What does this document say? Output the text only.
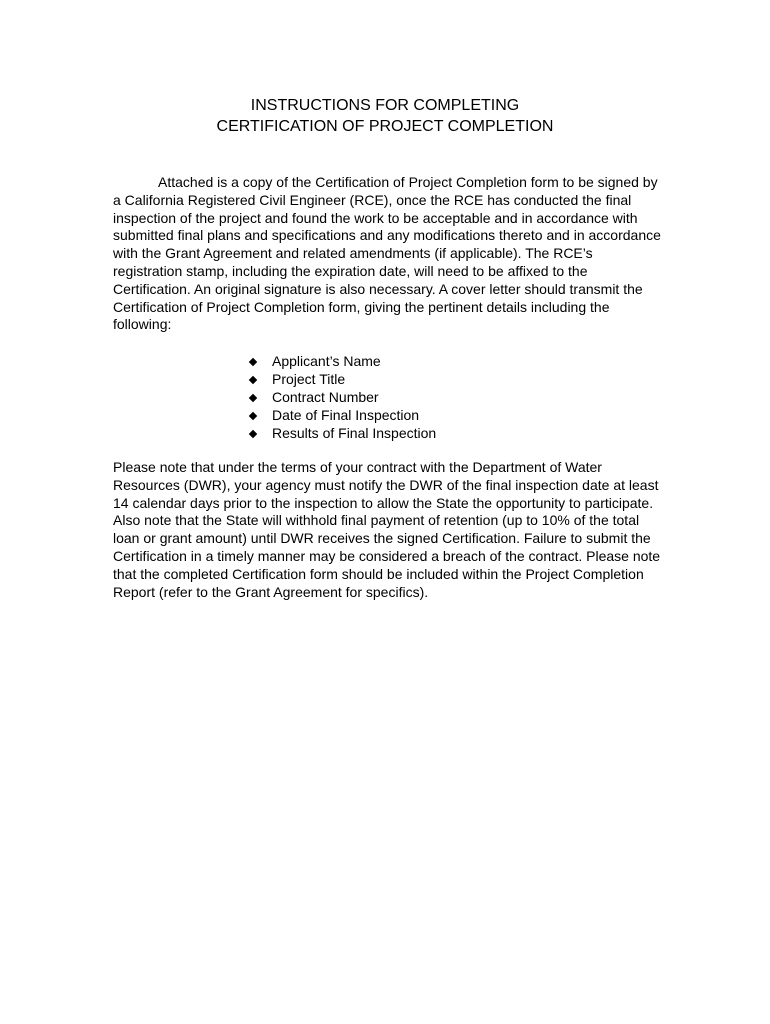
INSTRUCTIONS FOR COMPLETING
CERTIFICATION OF PROJECT COMPLETION

Attached is a copy of the Certification of Project Completion form to be signed by a California Registered Civil Engineer (RCE), once the RCE has conducted the final inspection of the project and found the work to be acceptable and in accordance with submitted final plans and specifications and any modifications thereto and in accordance with the Grant Agreement and related amendments (if applicable). The RCE’s registration stamp, including the expiration date, will need to be affixed to the Certification. An original signature is also necessary. A cover letter should transmit the Certification of Project Completion form, giving the pertinent details including the following:

Applicant’s Name
Project Title
Contract Number
Date of Final Inspection
Results of Final Inspection

Please note that under the terms of your contract with the Department of Water Resources (DWR), your agency must notify the DWR of the final inspection date at least 14 calendar days prior to the inspection to allow the State the opportunity to participate. Also note that the State will withhold final payment of retention (up to 10% of the total loan or grant amount) until DWR receives the signed Certification. Failure to submit the Certification in a timely manner may be considered a breach of the contract. Please note that the completed Certification form should be included within the Project Completion Report (refer to the Grant Agreement for specifics).
